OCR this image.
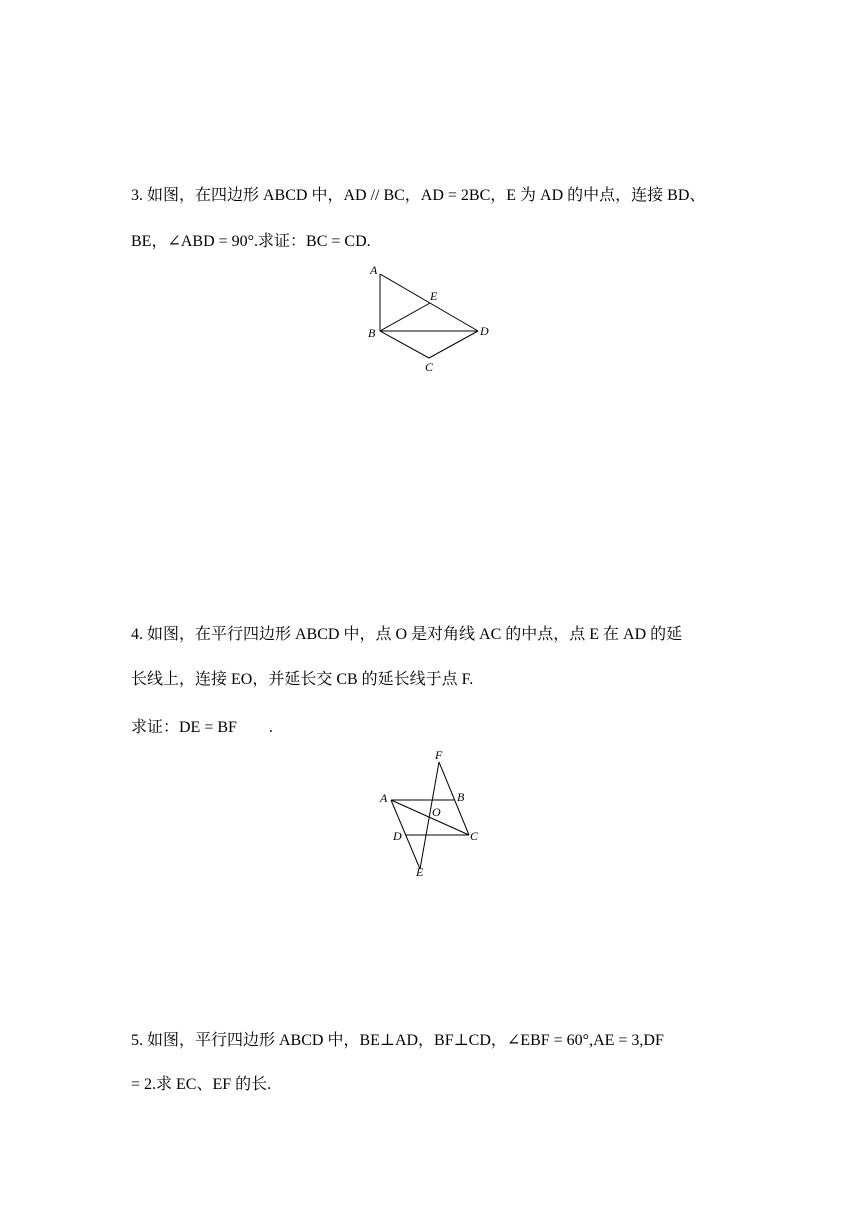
3. 如图，在四边形 ABCD 中，AD // BC，AD = 2BC，E 为 AD 的中点，连接 BD、
BE，∠ABD = 90°.求证：BC = CD.
A
E
B	D
C
4. 如图，在平行四边形 ABCD 中，点 O 是对角线 AC 的中点，点 E 在 AD 的延
长线上，连接 EO，并延长交 CB 的延长线于点 F.
求证：DE = BF　　.
F
A	B
O
D	C
E
5. 如图，平行四边形 ABCD 中，BE⊥AD，BF⊥CD，∠EBF = 60°,AE = 3,DF
= 2.求 EC、EF 的长.
